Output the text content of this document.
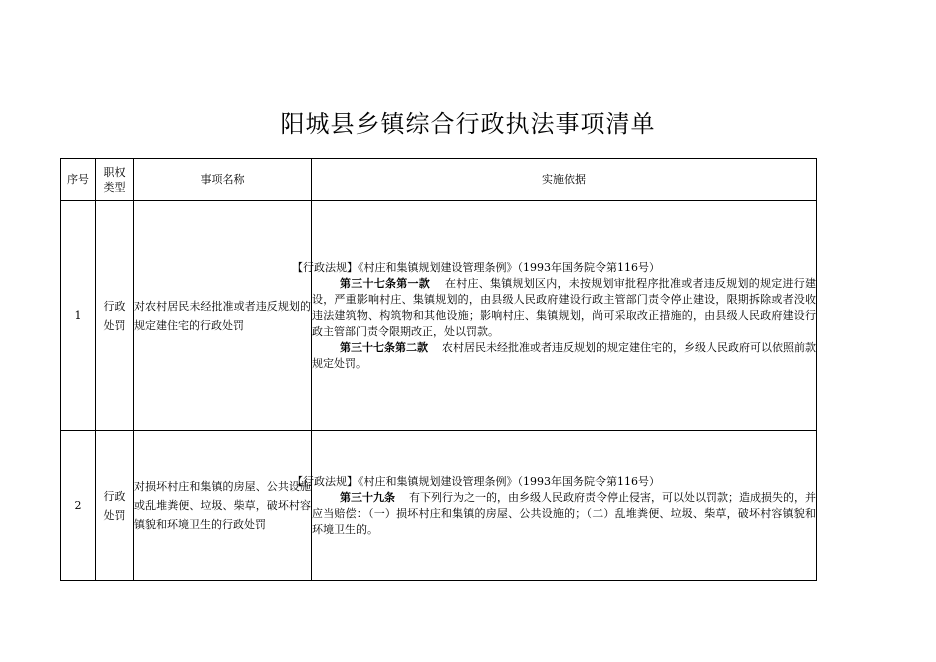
阳城县乡镇综合行政执法事项清单
序号	职权类型	事项名称	实施依据
1	行政处罚	对农村居民未经批准或者违反规划的规定建住宅的行政处罚	【行政法规】《村庄和集镇规划建设管理条例》（1993年国务院令第116号）
第三十七条第一款 在村庄、集镇规划区内，未按规划审批程序批准或者违反规划的规定进行建设，严重影响村庄、集镇规划的，由县级人民政府建设行政主管部门责令停止建设，限期拆除或者没收违法建筑物、构筑物和其他设施；影响村庄、集镇规划，尚可采取改正措施的，由县级人民政府建设行政主管部门责令限期改正，处以罚款。
第三十七条第二款 农村居民未经批准或者违反规划的规定建住宅的，乡级人民政府可以依照前款规定处罚。

2	行政处罚	对损坏村庄和集镇的房屋、公共设施或乱堆粪便、垃圾、柴草，破坏村容镇貌和环境卫生的行政处罚	【行政法规】《村庄和集镇规划建设管理条例》（1993年国务院令第116号）
第三十九条 有下列行为之一的，由乡级人民政府责令停止侵害，可以处以罚款；造成损失的，并应当赔偿：（一）损坏村庄和集镇的房屋、公共设施的；（二）乱堆粪便、垃圾、柴草，破坏村容镇貌和环境卫生的。
